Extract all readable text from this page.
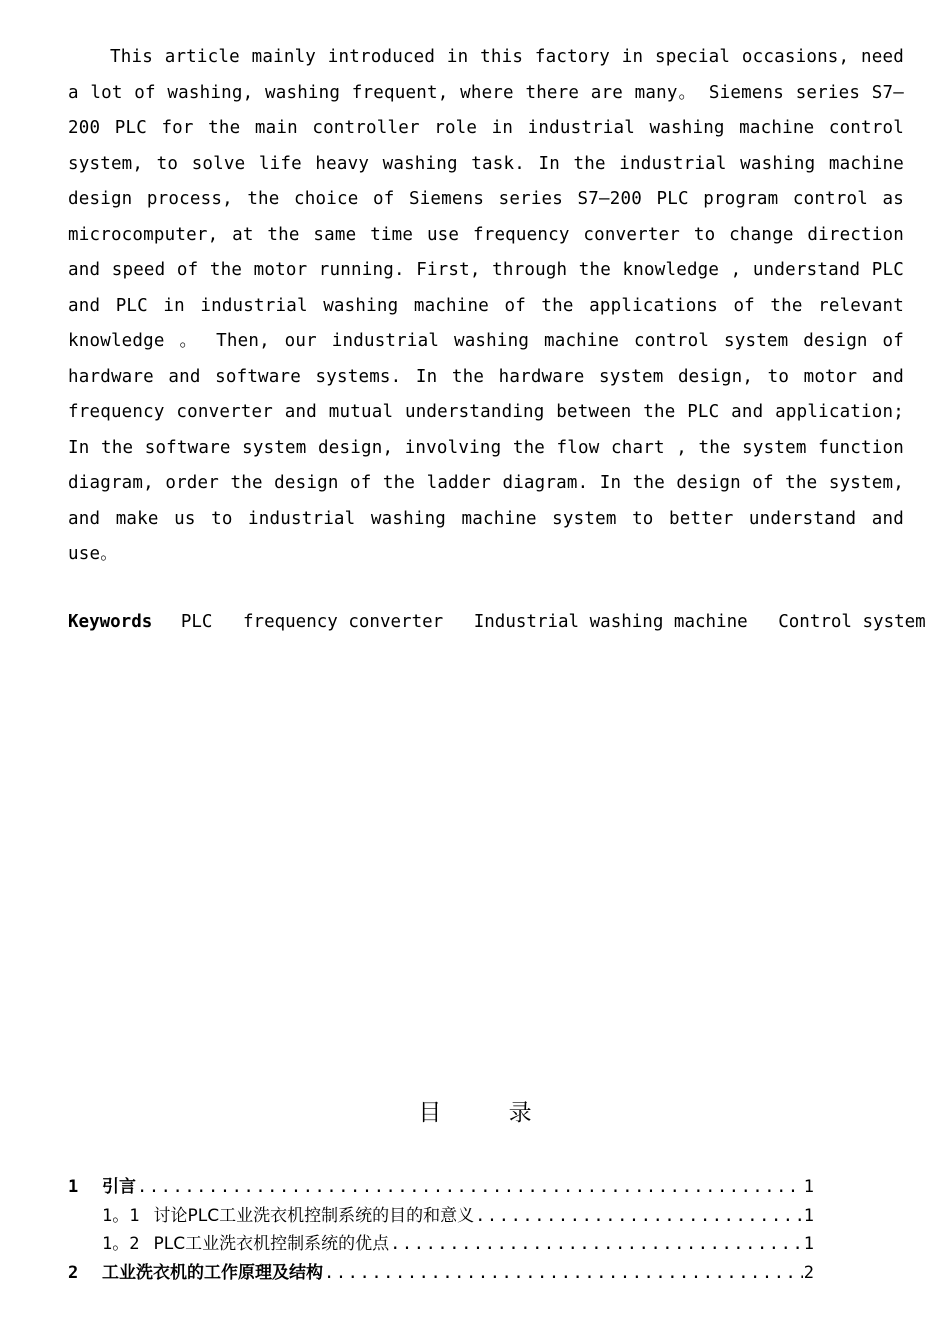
This article mainly introduced in this factory in special occasions, need a lot of washing, washing frequent, where there are many。 Siemens series S7—200 PLC for the main controller role in industrial washing machine control system, to solve life heavy washing task. In the industrial washing machine design process, the choice of Siemens series S7—200 PLC program control as microcomputer, at the same time use frequency converter to change direction and speed of the motor running. First, through the knowledge , understand PLC and PLC in industrial washing machine of the applications of the relevant knowledge 。 Then, our industrial washing machine control system design of hardware and software systems. In the hardware system design, to motor and frequency converter and mutual understanding between the PLC and application; In the software system design, involving the flow chart , the system function diagram, order the design of the ladder diagram. In the design of the system, and make us to industrial washing machine system to better understand and use。

Keywords PLC frequency converter Industrial washing machine Control system
目 录
1	引言 .....	1
1。1 讨论PLC工业洗衣机控制系统的目的和意义 .....	1
1。2 PLC工业洗衣机控制系统的优点 .....	1
2	工业洗衣机的工作原理及结构 .....	2
